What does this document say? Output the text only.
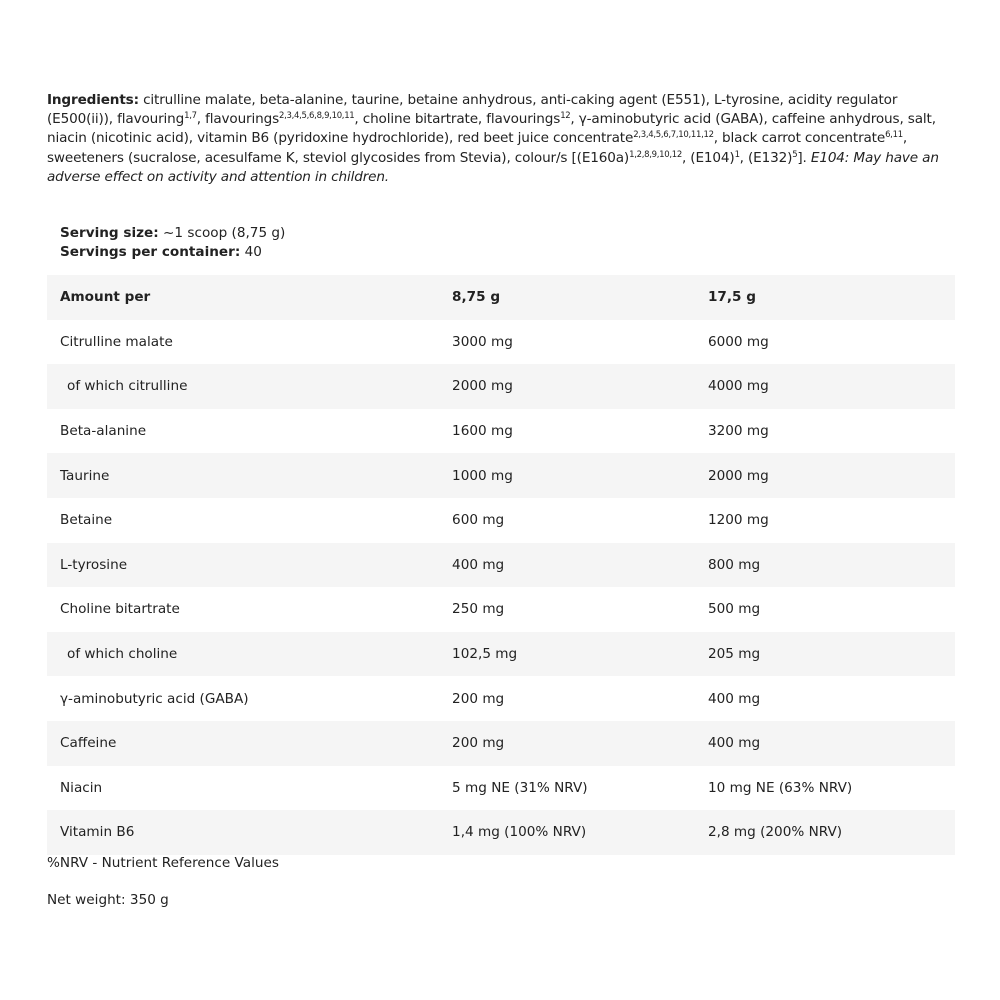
Ingredients: citrulline malate, beta-alanine, taurine, betaine anhydrous, anti-caking agent (E551), L-tyrosine, acidity regulator (E500(ii)), flavouring$^{1,7}$, flavourings$^{2,3,4,5,6,8,9,10,11}$, choline bitartrate, flavourings$^{12}$, γ-aminobutyric acid (GABA), caffeine anhydrous, salt, niacin (nicotinic acid), vitamin B6 (pyridoxine hydrochloride), red beet juice concentrate$^{2,3,4,5,6,7,10,11,12}$, black carrot concentrate$^{6,11}$, sweeteners (sucralose, acesulfame K, steviol glycosides from Stevia), colour/s [$(E160a)^{1,2,8,9,10,12}$, $(E104)^1$, $(E132)^5$]. E104: May have an adverse effect on activity and attention in children.

Serving size: ~1 scoop (8,75 g)
Servings per container: 40
Amount per	8,75 g	17,5 g
Citrulline malate	3000 mg	6000 mg
of which citrulline	2000 mg	4000 mg
Beta-alanine	1600 mg	3200 mg
Taurine	1000 mg	2000 mg
Betaine	600 mg	1200 mg
L-tyrosine	400 mg	800 mg
Choline bitartrate	250 mg	500 mg
of which choline	102,5 mg	205 mg
γ-aminobutyric acid (GABA)	200 mg	400 mg
Caffeine	200 mg	400 mg
Niacin	5 mg NE (31% NRV)	10 mg NE (63% NRV)
Vitamin B6	1,4 mg (100% NRV)	2,8 mg (200% NRV)
%NRV - Nutrient Reference Values
Net weight: 350 g
